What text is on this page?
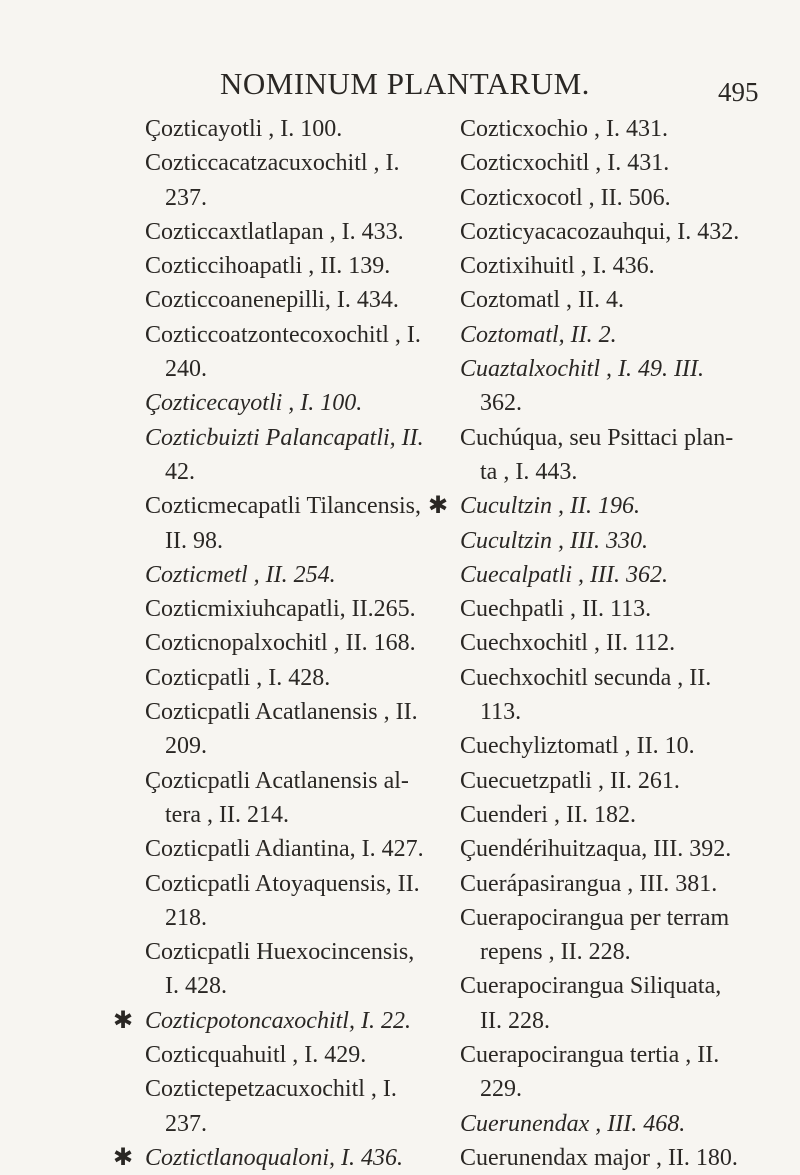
NOMINUM PLANTARUM.	495
Çozticayotli , I. 100.
Cozticcacatzacuxochitl , I.
237.
Cozticcaxtlatlapan , I. 433.
Cozticcihoapatli , II. 139.
Cozticcoanenepilli, I. 434.
Cozticcoatzontecoxochitl , I.
240.
Çozticecayotli , I. 100.
Cozticbuizti Palancapatli, II.
42.
Cozticmecapatli Tilancensis,
II. 98.
Cozticmetl , II. 254.
Cozticmixiuhcapatli, II.265.
Cozticnopalxochitl , II. 168.
Cozticpatli , I. 428.
Cozticpatli Acatlanensis , II.
209.
Çozticpatli Acatlanensis al-
tera , II. 214.
Cozticpatli Adiantina, I. 427.
Cozticpatli Atoyaquensis, II.
218.
Cozticpatli Huexocincensis,
I. 428.
✱ Cozticpotoncaxochitl, I. 22.
Cozticquahuitl , I. 429.
Coztictepetzacuxochitl , I.
237.
✱ Coztictlanoqualoni, I. 436.
Cozticxochio , I. 431.
Cozticxochitl , I. 431.
Cozticxocotl , II. 506.
Cozticyacacozauhqui, I. 432.
Coztixihuitl , I. 436.
Coztomatl , II. 4.
Coztomatl, II. 2.
Cuaztalxochitl , I. 49. III.
362.
Cuchúqua, seu Psittaci plan-
ta , I. 443.
✱ Cucultzin , II. 196.
Cucultzin , III. 330.
Cuecalpatli , III. 362.
Cuechpatli , II. 113.
Cuechxochitl , II. 112.
Cuechxochitl secunda , II.
113.
Cuechyliztomatl , II. 10.
Cuecuetzpatli , II. 261.
Cuenderi , II. 182.
Çuendérihuitzaqua, III. 392.
Cuerápasirangua , III. 381.
Cuerapocirangua per terram
repens , II. 228.
Cuerapocirangua Siliquata,
II. 228.
Cuerapocirangua tertia , II.
229.
Cuerunendax , III. 468.
Cuerunendax major , II. 180.
